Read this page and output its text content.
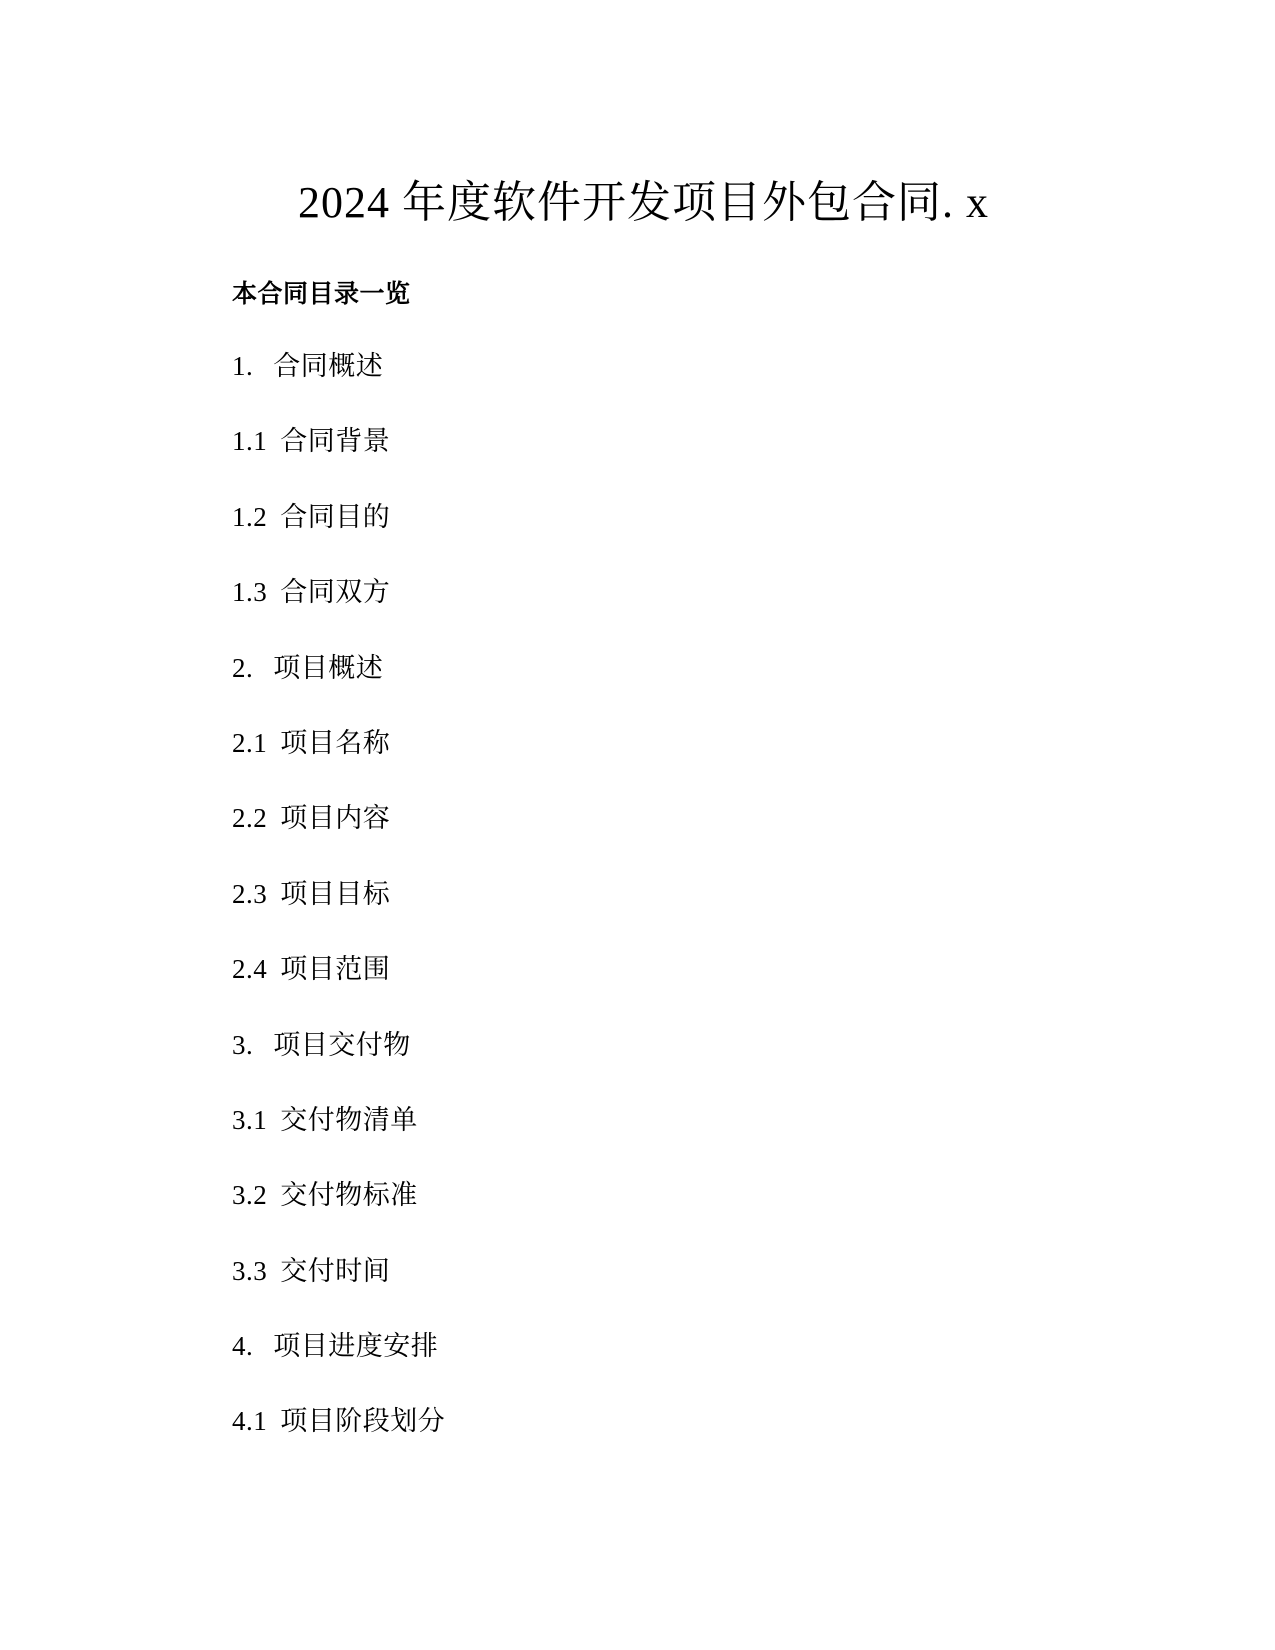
2024 年度软件开发项目外包合同. x
本合同目录一览
1. 合同概述
1.1 合同背景
1.2 合同目的
1.3 合同双方
2. 项目概述
2.1 项目名称
2.2 项目内容
2.3 项目目标
2.4 项目范围
3. 项目交付物
3.1 交付物清单
3.2 交付物标准
3.3 交付时间
4. 项目进度安排
4.1 项目阶段划分
